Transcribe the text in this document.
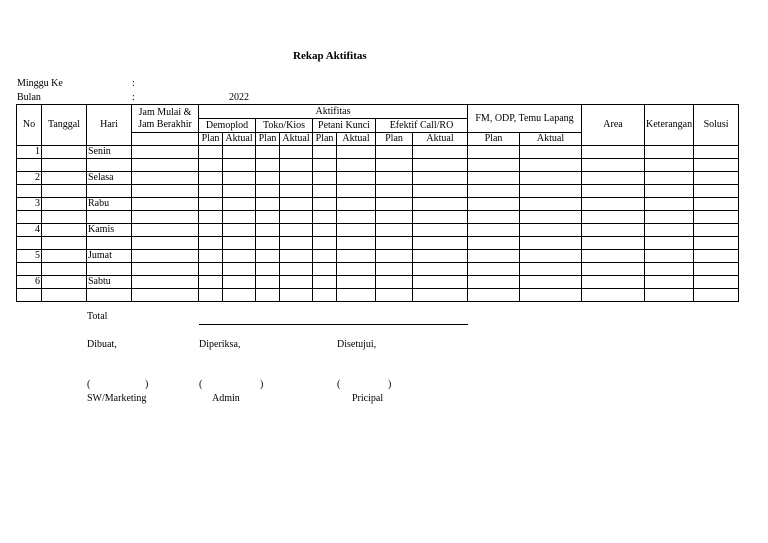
Rekap Aktifitas
Minggu Ke	:
Bulan	:	2022
No	Tanggal	Hari	Jam Mulai &
Jam Berakhir	Aktifitas								FM, ODP, Temu Lapang		Area	Keterangan	Solusi
				Demoplod		Toko/Kios		Petani Kunci		Efektif Call/RO						
				Plan	Aktual	Plan	Aktual	Plan	Aktual	Plan	Aktual	Plan	Aktual			
1		Senin														

2		Selasa														

3		Rabu														

4		Kamis														

5		Jumat														

6		Sabtu														

Total
Dibuat,	Diperiksa,	Disetujui,
(	)	(	)	(	)
SW/Marketing	Admin	Pricipal
